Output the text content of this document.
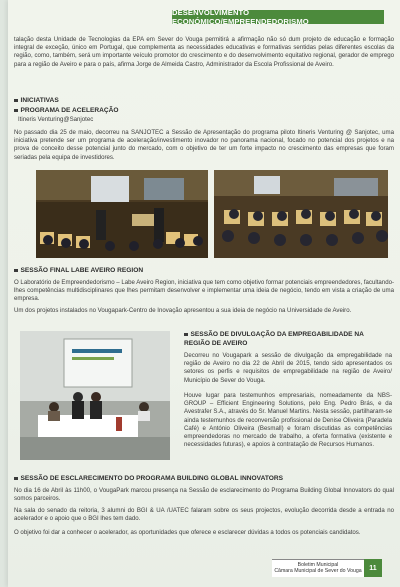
DESENVOLVIMENTO ECONÓMICO/EMPREENDEDORISMO

talação desta Unidade de Tecnologias da EPA em Sever do Vouga permitirá a afirmação não só dum projeto de educação e formação integral de exceção, único em Portugal, que complementa as necessidades educativas e formativas sentidas pelas diferentes escolas da região, como, também, será um importante veículo promotor do crescimento e do desenvolvimento equitativo regional, gerador de emprego para a região de Aveiro e para o país, afirma Jorge de Almeida Castro, Administrador da Escola Profissional de Aveiro.

INICIATIVAS
PROGRAMA DE ACELERAÇÃO

Itineris Venturing@Sanjotec

No passado dia 25 de maio, decorreu na SANJOTEC a Sessão de Apresentação do programa piloto Itineris Venturing @ Sanjotec, uma iniciativa pretende ser um programa de aceleração/investimento inovador no panorama nacional, focado no potencial dos projetos e na prova de conceito desse potencial junto do mercado, com o objetivo de ter um forte impacto no crescimento das empresas que foram seriadas pela equipa de investidores.

SESSÃO FINAL LABE AVEIRO REGION

O Laboratório de Empreendedorismo – Labe Aveiro Region, iniciativa que tem como objetivo formar potenciais empreendedores, facultando-lhes competências multidisciplinares que lhes permitam desenvolver e implementar uma ideia de negócio, tendo em vista a criação de uma empresa.

Um dos projetos instalados no Vougapark-Centro de Inovação apresentou a sua ideia de negócio na Universidade de Aveiro.

SESSÃO DE DIVULGAÇÃO DA EMPREGABILIDADE NA REGIÃO DE AVEIRO

Decorreu no Vougapark a sessão de divulgação da empregabilidade na região de Aveiro no dia 22 de Abril de 2015, tendo sido apresentados os setores os perfis e requisitos de empregabilidade na região de Aveiro/ Município de Sever do Vouga.

Houve lugar para testemunhos empresariais, nomeadamente da NBS-GROUP – Efficient Engineering Solutions, pelo Eng. Pedro Brás, e da Avestrafer S.A., através do Sr. Manuel Martins. Nesta sessão, partilharam-se ainda testemunhos de reconversão profissional de Denise Oliveira (Paradela Café) e António Oliveira (Besmall) e foram discutidas as competências empreendedoras no mercado de trabalho, a oferta formativa (existente e necessidades futuras), e apoios à contratação de Recursos Humanos.

SESSÃO DE ESCLARECIMENTO DO PROGRAMA BUILDING GLOBAL INNOVATORS

No dia 16 de Abril às 11h00, o VougaPark marcou presença na Sessão de esclarecimento do Programa Building Global Innovators do qual somos parceiros.

Na sala do senado da reitoria, 3 alumni do BGI & UA /UATEC falaram sobre os seus projectos, evolução decorrida desde a entrada no acelerador e o apoio que o BGI lhes tem dado.

O objetivo foi dar a conhecer o acelerador, as oportunidades que oferece e esclarecer dúvidas a todos os potenciais candidatos.

Boletim Municipal
Câmara Municipal de Sever do Vouga	11
